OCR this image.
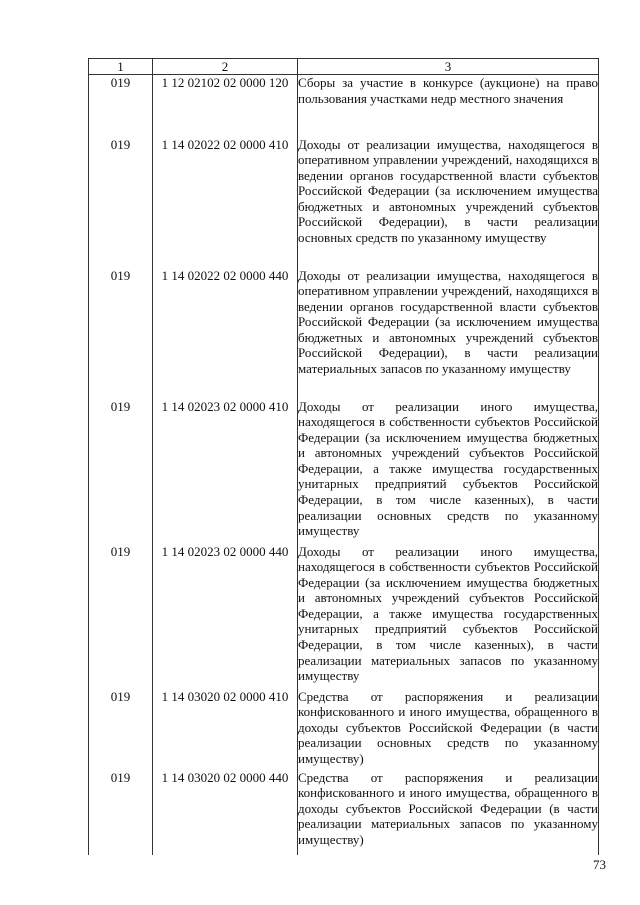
1	2	3
019	1 12 02102 02 0000 120	Сборы за участие в конкурсе (аукционе) на право пользования участками недр местного значения
019	1 14 02022 02 0000 410	Доходы от реализации имущества, находящегося в оперативном управлении учреждений, находящихся в ведении органов государственной власти субъектов Российской Федерации (за исключением имущества бюджетных и автономных учреждений субъектов Российской Федерации), в части реализации основных средств по указанному имуществу
019	1 14 02022 02 0000 440	Доходы от реализации имущества, находящегося в оперативном управлении учреждений, находящихся в ведении органов государственной власти субъектов Российской Федерации (за исключением имущества бюджетных и автономных учреждений субъектов Российской Федерации), в части реализации материальных запасов по указанному имуществу
019	1 14 02023 02 0000 410	Доходы от реализации иного имущества, находящегося в собственности субъектов Российской Федерации (за исключением имущества бюджетных и автономных учреждений субъектов Российской Федерации, а также имущества государственных унитарных предприятий субъектов Российской Федерации, в том числе казенных), в части реализации основных средств по указанному имуществу
019	1 14 02023 02 0000 440	Доходы от реализации иного имущества, находящегося в собственности субъектов Российской Федерации (за исключением имущества бюджетных и автономных учреждений субъектов Российской Федерации, а также имущества государственных унитарных предприятий субъектов Российской Федерации, в том числе казенных), в части реализации материальных запасов по указанному имуществу
019	1 14 03020 02 0000 410	Средства от распоряжения и реализации конфискованного и иного имущества, обращенного в доходы субъектов Российской Федерации (в части реализации основных средств по указанному имуществу)
019	1 14 03020 02 0000 440	Средства от распоряжения и реализации конфискованного и иного имущества, обращенного в доходы субъектов Российской Федерации (в части реализации материальных запасов по указанному имуществу)
73
